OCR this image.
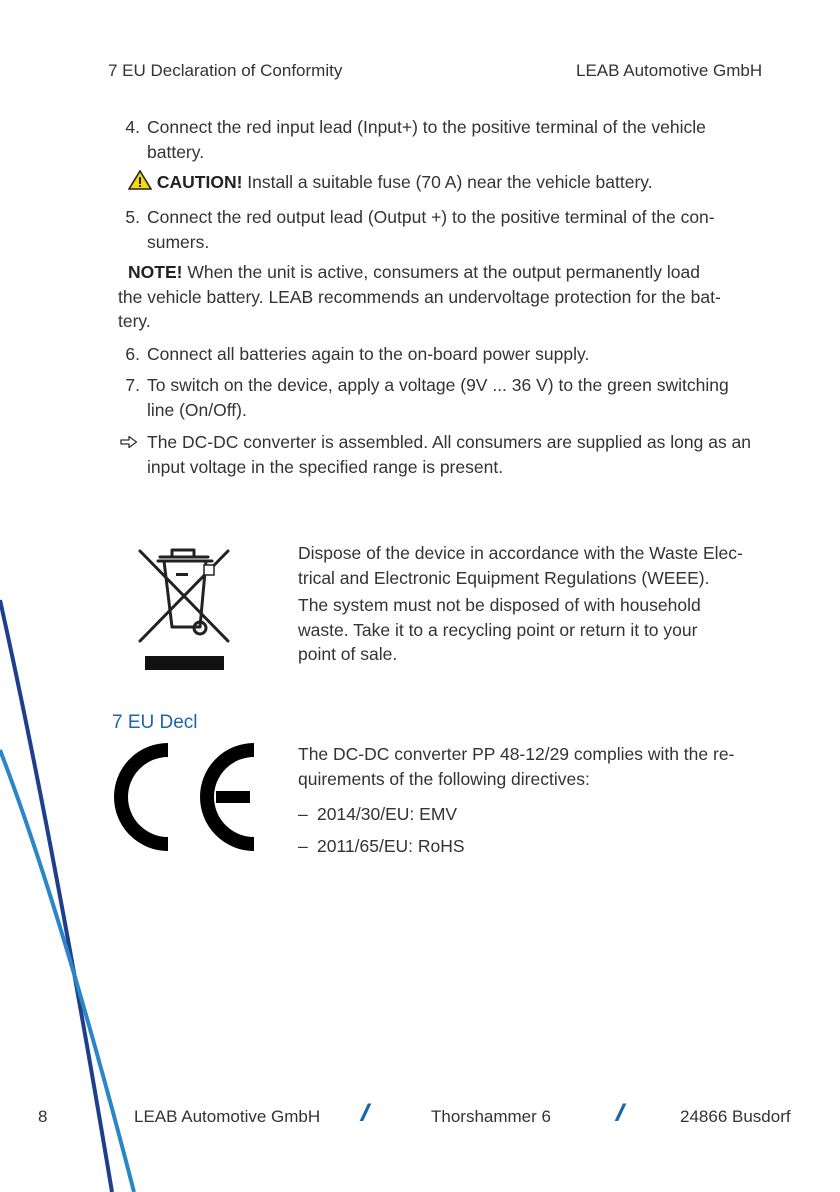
7 EU Declaration of Conformity	LEAB Automotive GmbH
4. Connect the red input lead (Input+) to the positive terminal of the vehicle
battery.
CAUTION! Install a suitable fuse (70 A) near the vehicle battery.
5. Connect the red output lead (Output +) to the positive terminal of the con-
sumers.
NOTE! When the unit is active, consumers at the output permanently load
the vehicle battery. LEAB recommends an undervoltage protection for the bat-
tery.
6. Connect all batteries again to the on-board power supply.
7. To switch on the device, apply a voltage (9V ... 36 V) to the green switching
line (On/Off).
The DC-DC converter is assembled. All consumers are supplied as long as an
input voltage in the specified range is present.
Dispose of the device in accordance with the Waste Elec-
trical and Electronic Equipment Regulations (WEEE).
The system must not be disposed of with household
waste. Take it to a recycling point or return it to your
point of sale.
7 EU Decl
The DC-DC converter PP 48-12/29 complies with the re-
quirements of the following directives:
– 2014/30/EU: EMV
– 2011/65/EU: RoHS
8	LEAB Automotive GmbH //	Thorshammer 6	//	24866 Busdorf
